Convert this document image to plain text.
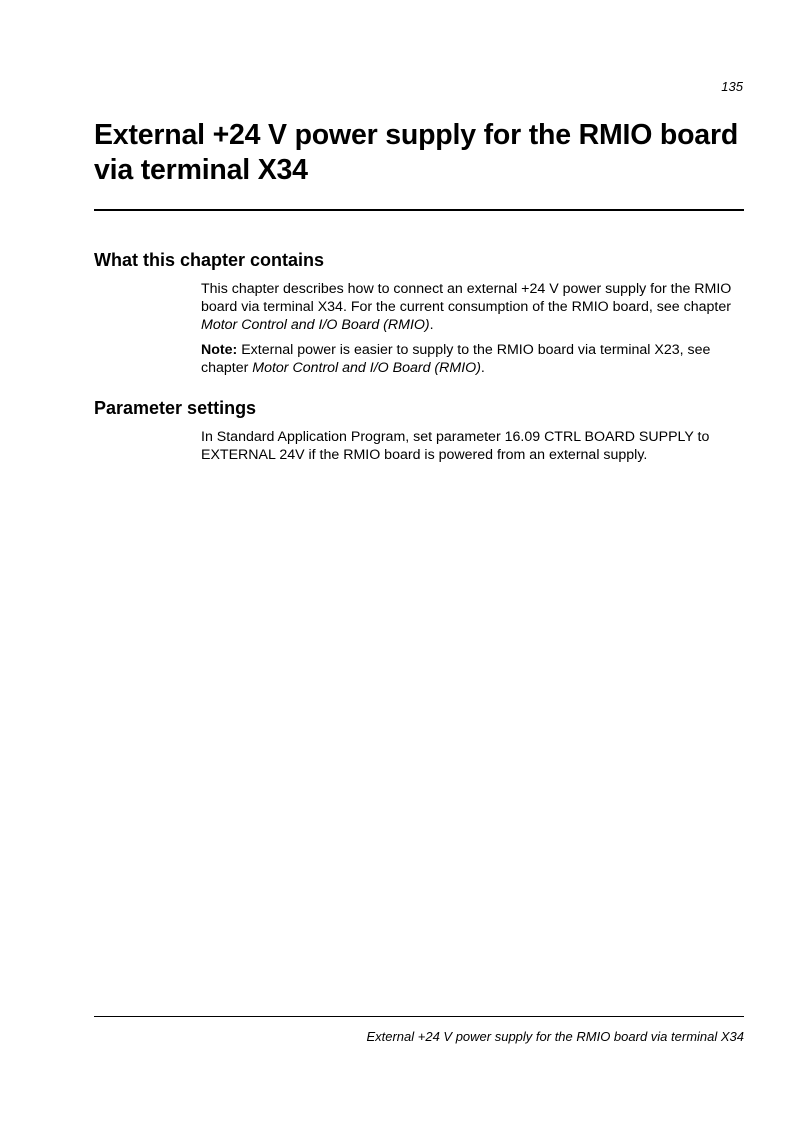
135
External +24 V power supply for the RMIO board via terminal X34
What this chapter contains

This chapter describes how to connect an external +24 V power supply for the RMIO board via terminal X34. For the current consumption of the RMIO board, see chapter Motor Control and I/O Board (RMIO).

Note: External power is easier to supply to the RMIO board via terminal X23, see chapter Motor Control and I/O Board (RMIO).

Parameter settings

In Standard Application Program, set parameter 16.09 CTRL BOARD SUPPLY to EXTERNAL 24V if the RMIO board is powered from an external supply.

External +24 V power supply for the RMIO board via terminal X34
